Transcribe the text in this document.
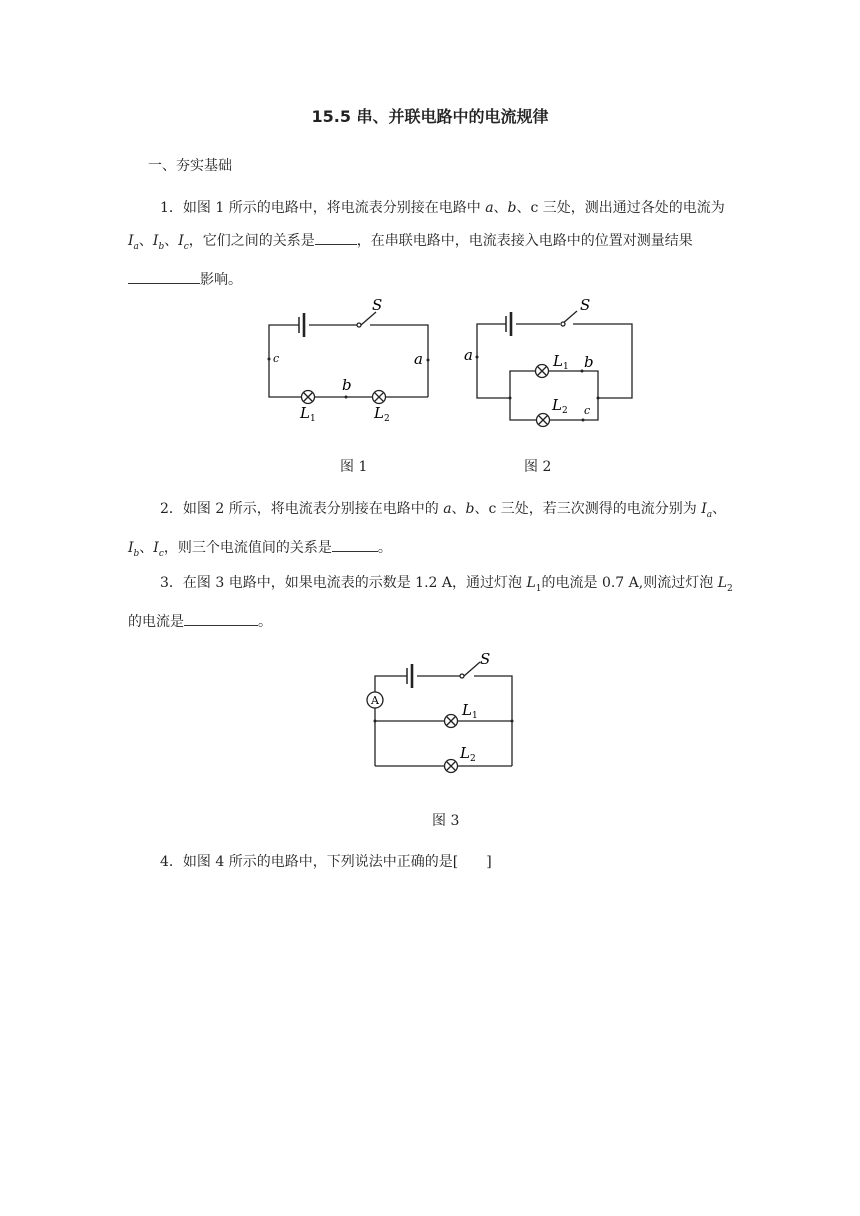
15.5 串、并联电路中的电流规律
一、夯实基础
1．如图 1 所示的电路中，将电流表分别接在电路中 a、b、c 三处，测出通过各处的电流为 $I_a$、$I_b$、$I_c$，它们之间的关系是	，在串联电路中，电流表接入电路中的位置对测量结果影响。
S
c	a
b
$L_1$	$L_2$
S
a	b
c
$L_1$
$L_2$
图 1	图 2
2．如图 2 所示，将电流表分别接在电路中的 a、b、c 三处，若三次测得的电流分别为 $I_a$、$I_b$、$I_c$，则三个电流值间的关系是	。
3．在图 3 电路中，如果电流表的示数是 1.2 A，通过灯泡 $L_1$的电流是 0.7 A,则流过灯泡 $L_2$的电流是	。
A
S
$L_1$
$L_2$
图 3
4．如图 4 所示的电路中，下列说法中正确的是[ ]
